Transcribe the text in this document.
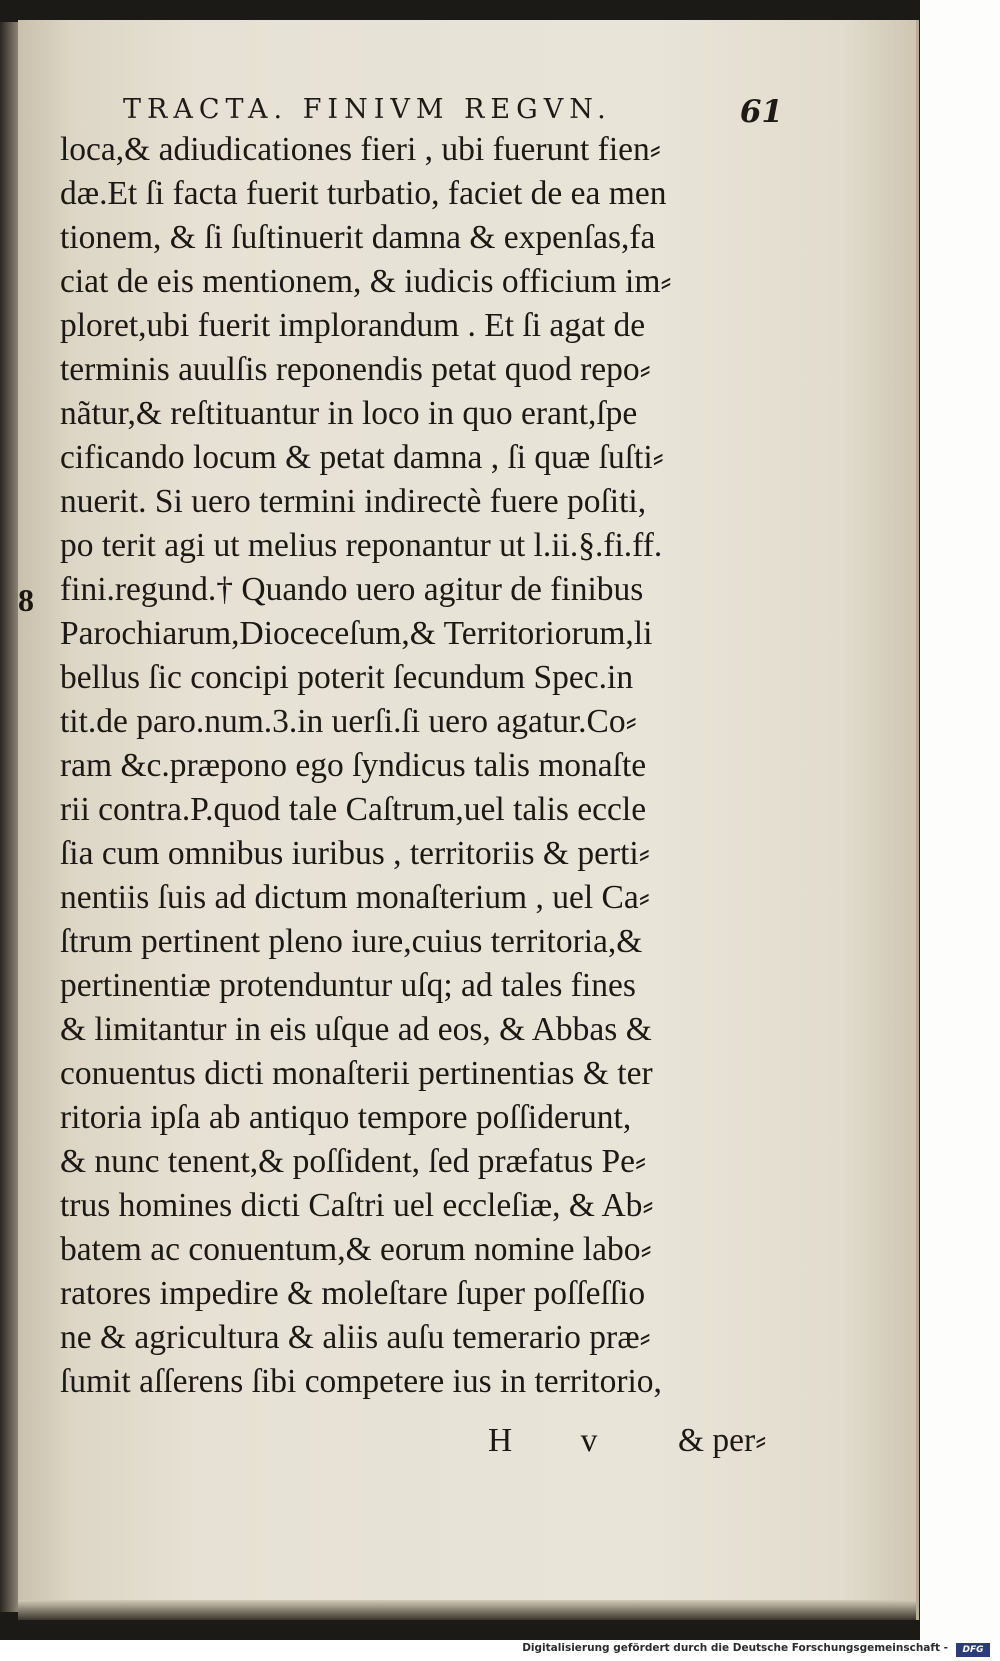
TRACTA. FINIVM REGVN.	61
8
loca,& adiudicationes fieri , ubi fuerunt fien⸗
dæ.Et ſi facta fuerit turbatio, faciet de ea men
tionem, & ſi ſuſtinuerit damna & expenſas,fa
ciat de eis mentionem, & iudicis officium im⸗
ploret,ubi fuerit implorandum . Et ſi agat de
terminis auulſis reponendis petat quod repo⸗
nãtur,& reſtituantur in loco in quo erant,ſpe
cificando locum & petat damna , ſi quæ ſuſti⸗
nuerit. Si uero termini indirectè fuere poſiti,
po terit agi ut melius reponantur ut l.ii.§.fi.ff.
fini.regund.† Quando uero agitur de finibus
Parochiarum,Dioceceſum,& Territoriorum,li
bellus ſic concipi poterit ſecundum Spec.in
tit.de paro.num.3.in uerſi.ſi uero agatur.Co⸗
ram &c.præpono ego ſyndicus talis monaſte
rii contra.P.quod tale Caſtrum,uel talis eccle
ſia cum omnibus iuribus , territoriis & perti⸗
nentiis ſuis ad dictum monaſterium , uel Ca⸗
ſtrum pertinent pleno iure,cuius territoria,&
pertinentiæ protenduntur uſq; ad tales fines
& limitantur in eis uſque ad eos, & Abbas &
conuentus dicti monaſterii pertinentias & ter
ritoria ipſa ab antiquo tempore poſſiderunt,
& nunc tenent,& poſſident, ſed præfatus Pe⸗
trus homines dicti Caſtri uel eccleſiæ, & Ab⸗
batem ac conuentum,& eorum nomine labo⸗
ratores impedire & moleſtare ſuper poſſeſſio
ne & agricultura & aliis auſu temerario præ⸗
ſumit aſſerens ſibi competere ius in territorio,
H v & per⸗
Digitalisierung gefördert durch die Deutsche Forschungsgemeinschaft -	DFG
